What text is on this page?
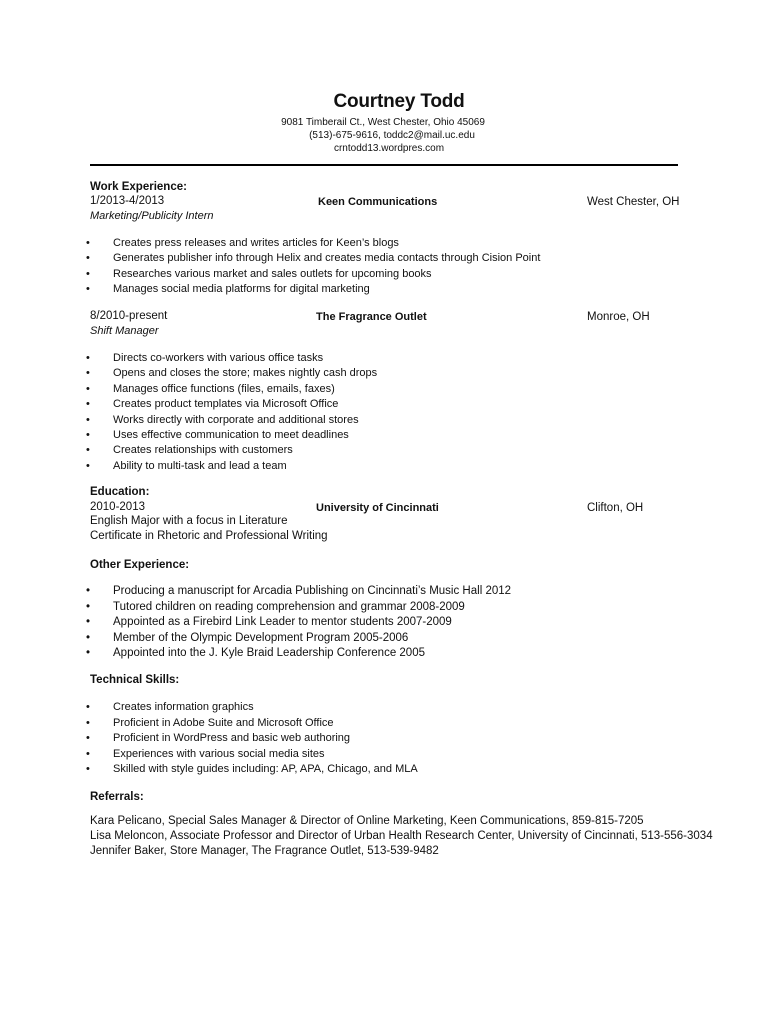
Courtney Todd
9081 Timberail Ct., West Chester, Ohio 45069
(513)-675-9616, toddc2@mail.uc.edu
crntodd13.wordpres.com
Work Experience:
1/2013-4/2013	Keen Communications	West Chester, OH
Marketing/Publicity Intern
• Creates press releases and writes articles for Keen’s blogs
• Generates publisher info through Helix and creates media contacts through Cision Point
• Researches various market and sales outlets for upcoming books
• Manages social media platforms for digital marketing
8/2010-present	The Fragrance Outlet	Monroe, OH
Shift Manager
• Directs co-workers with various office tasks
• Opens and closes the store; makes nightly cash drops
• Manages office functions (files, emails, faxes)
• Creates product templates via Microsoft Office
• Works directly with corporate and additional stores
• Uses effective communication to meet deadlines
• Creates relationships with customers
• Ability to multi-task and lead a team
Education:
2010-2013	University of Cincinnati	Clifton, OH
English Major with a focus in Literature
Certificate in Rhetoric and Professional Writing
Other Experience:
• Producing a manuscript for Arcadia Publishing on Cincinnati’s Music Hall 2012
• Tutored children on reading comprehension and grammar 2008-2009
• Appointed as a Firebird Link Leader to mentor students 2007-2009
• Member of the Olympic Development Program 2005-2006
• Appointed into the J. Kyle Braid Leadership Conference 2005
Technical Skills:
• Creates information graphics
• Proficient in Adobe Suite and Microsoft Office
• Proficient in WordPress and basic web authoring
• Experiences with various social media sites
• Skilled with style guides including: AP, APA, Chicago, and MLA
Referrals:
Kara Pelicano, Special Sales Manager & Director of Online Marketing, Keen Communications, 859-815-7205
Lisa Meloncon, Associate Professor and Director of Urban Health Research Center, University of Cincinnati, 513-556-3034
Jennifer Baker, Store Manager, The Fragrance Outlet, 513-539-9482
